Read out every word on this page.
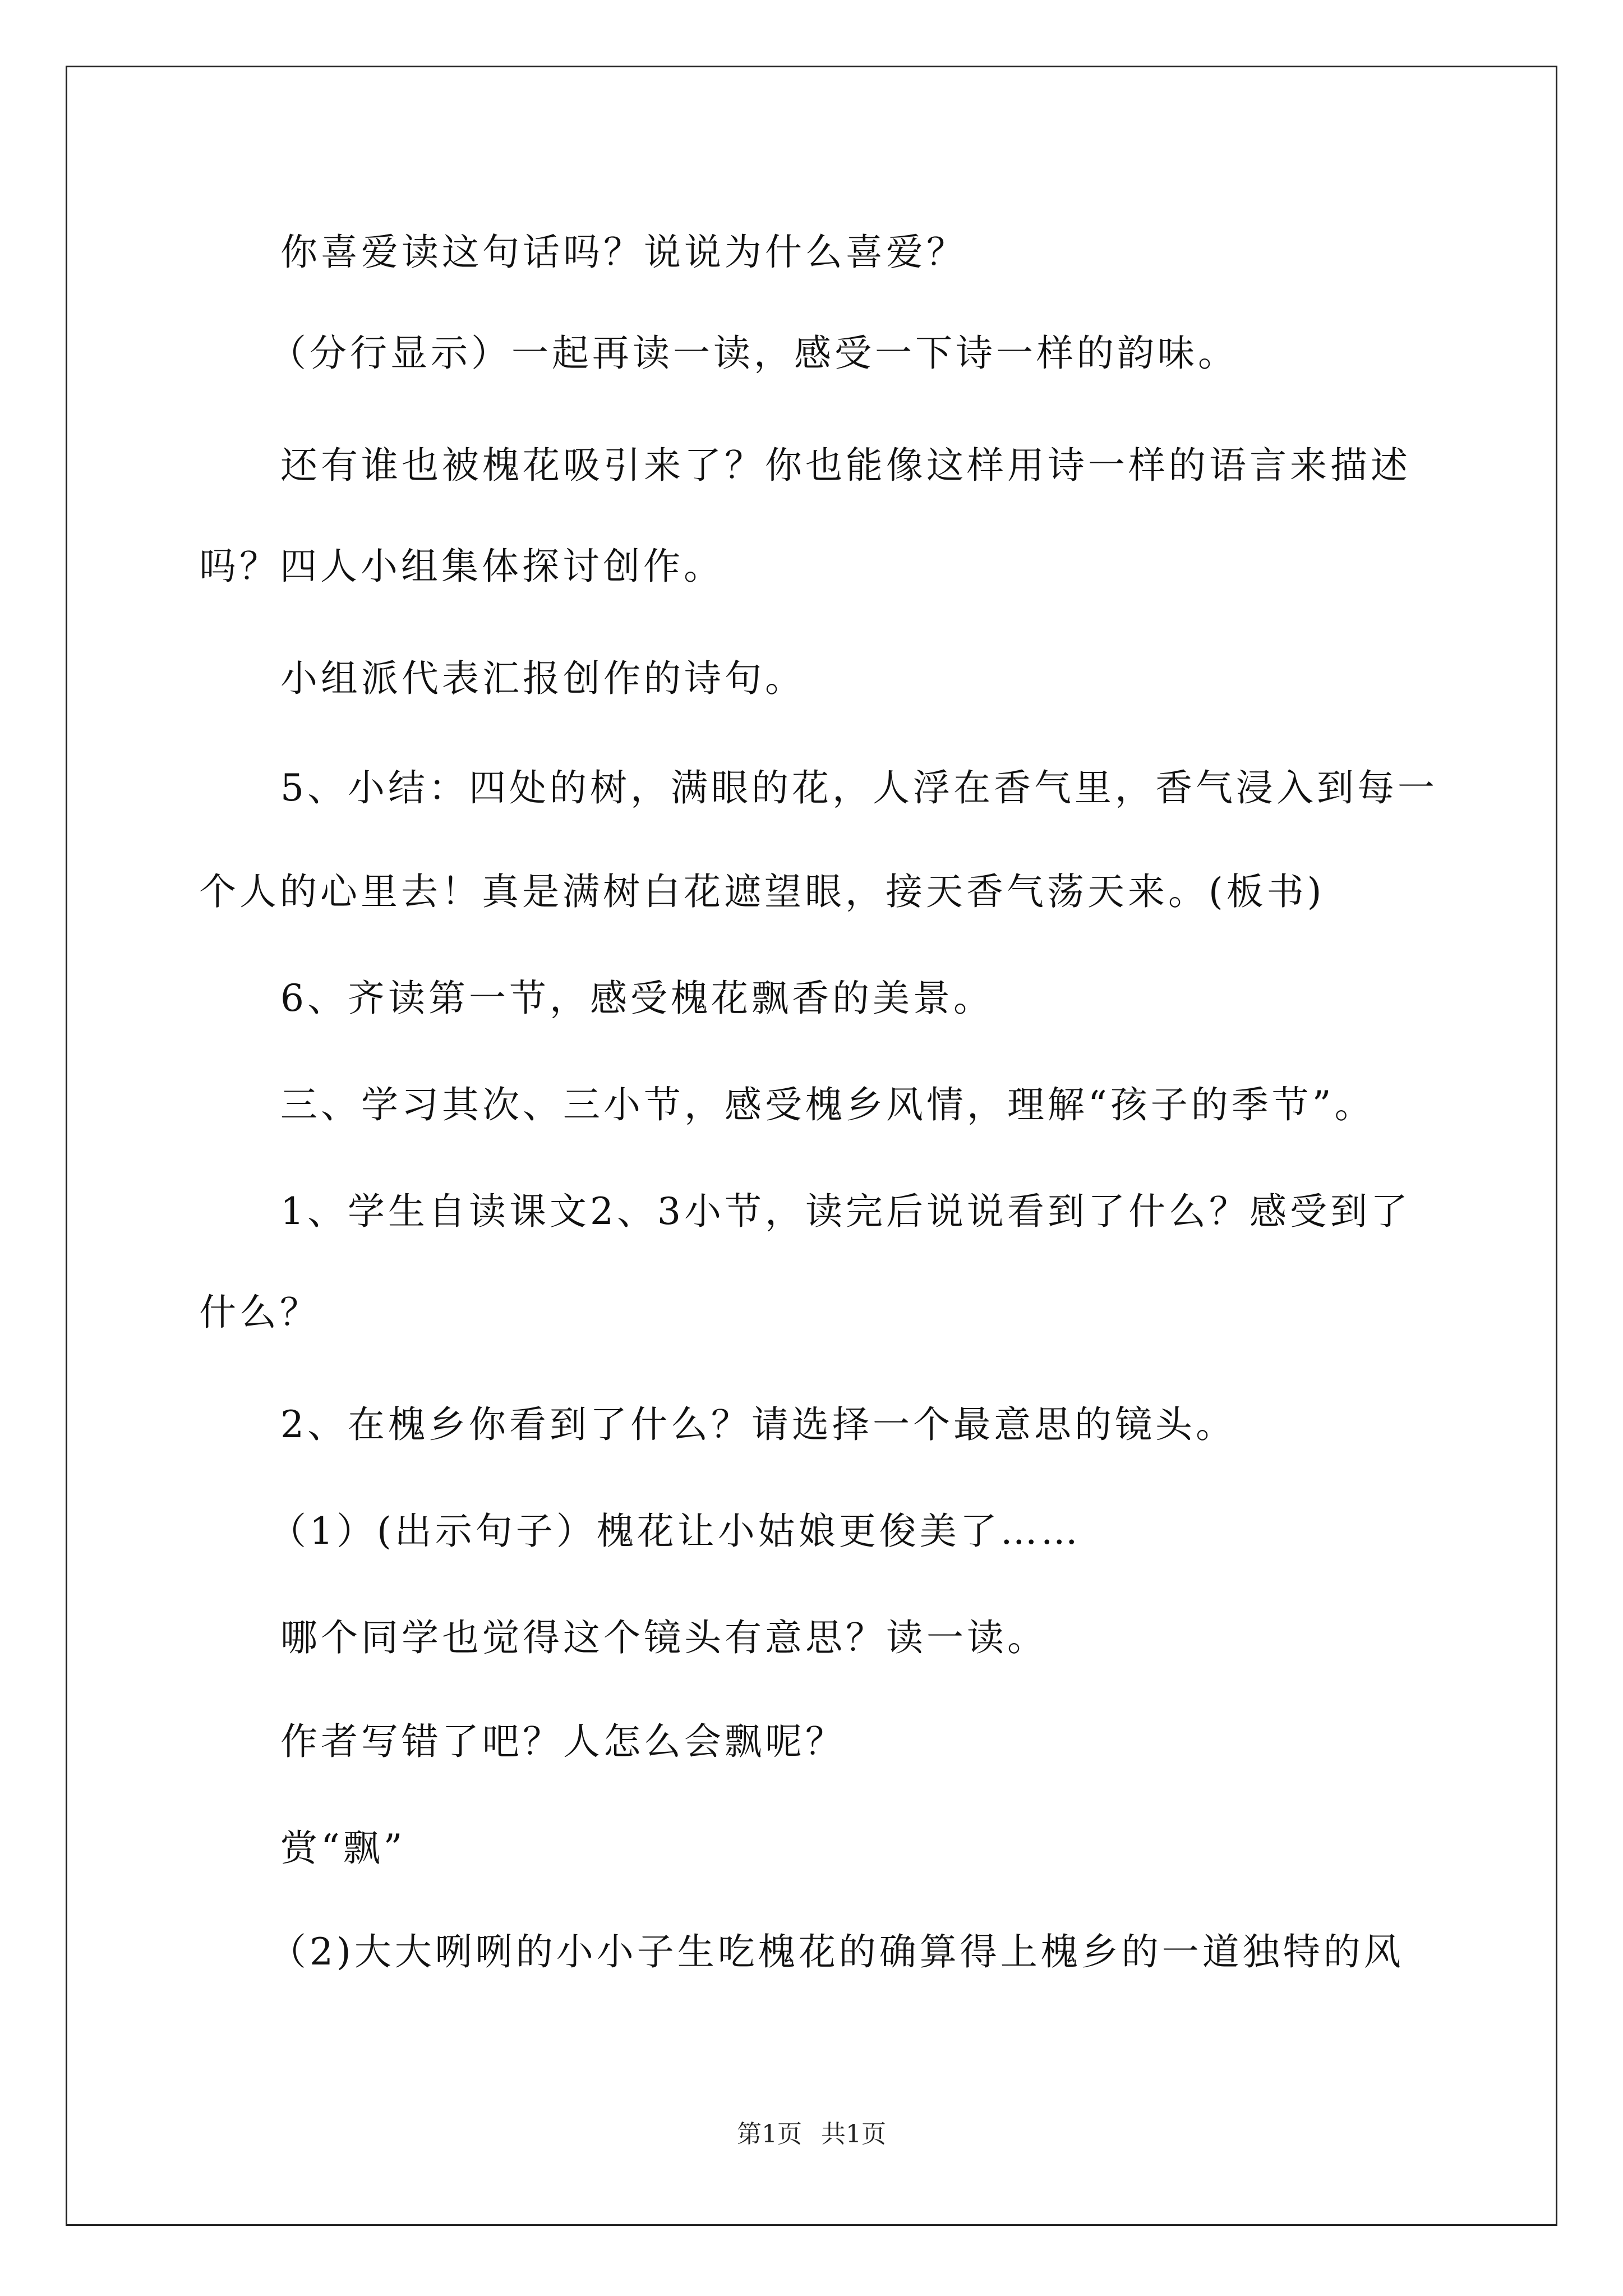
你喜爱读这句话吗？说说为什么喜爱？
（分行显示）一起再读一读，感受一下诗一样的韵味。
还有谁也被槐花吸引来了？你也能像这样用诗一样的语言来描述
吗？四人小组集体探讨创作。
小组派代表汇报创作的诗句。
5、小结：四处的树，满眼的花，人浮在香气里，香气浸入到每一
个人的心里去！真是满树白花遮望眼，接天香气荡天来。(板书)
6、齐读第一节，感受槐花飘香的美景。
三、学习其次、三小节，感受槐乡风情，理解“孩子的季节”。
1、学生自读课文2、3小节，读完后说说看到了什么？感受到了
什么？
2、在槐乡你看到了什么？请选择一个最意思的镜头。
（1）(出示句子）槐花让小姑娘更俊美了……
哪个同学也觉得这个镜头有意思？读一读。
作者写错了吧？人怎么会飘呢？
赏“飘”
（2)大大咧咧的小小子生吃槐花的确算得上槐乡的一道独特的风
第1页 共1页
